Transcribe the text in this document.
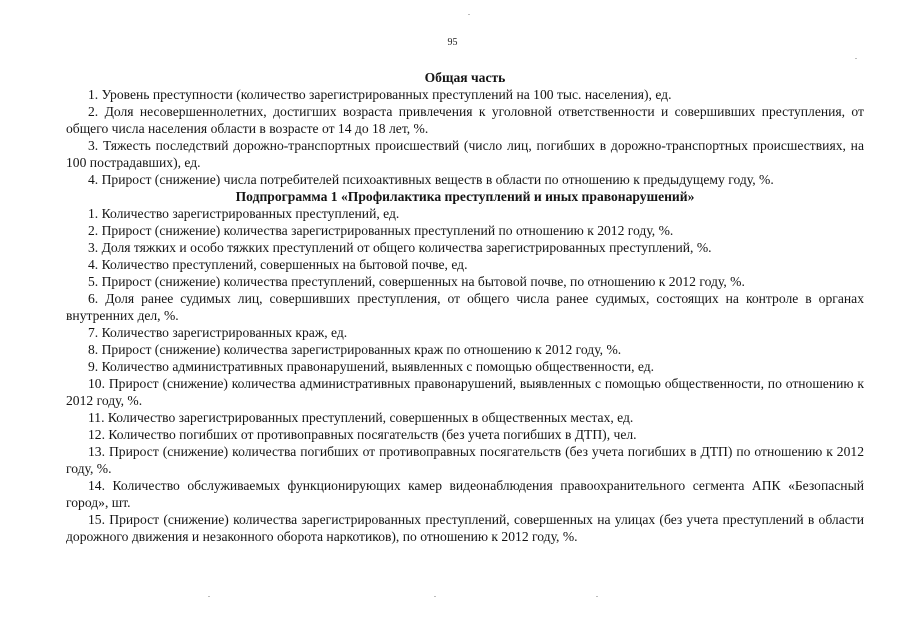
95

Общая часть

1. Уровень преступности (количество зарегистрированных преступлений на 100 тыс. населения), ед.

2. Доля несовершеннолетних, достигших возраста привлечения к уголовной ответственности и совершивших преступления, от общего числа населения области в возрасте от 14 до 18 лет, %.

3. Тяжесть последствий дорожно-транспортных происшествий (число лиц, погибших в дорожно-транспортных происшествиях, на 100 пострадавших), ед.

4. Прирост (снижение) числа потребителей психоактивных веществ в области по отношению к предыдущему году, %.

Подпрограмма 1 «Профилактика преступлений и иных правонарушений»

1. Количество зарегистрированных преступлений, ед.

2. Прирост (снижение) количества зарегистрированных преступлений по отношению к 2012 году, %.

3. Доля тяжких и особо тяжких преступлений от общего количества зарегистрированных преступлений, %.

4. Количество преступлений, совершенных на бытовой почве, ед.

5. Прирост (снижение) количества преступлений, совершенных на бытовой почве, по отношению к 2012 году, %.

6. Доля ранее судимых лиц, совершивших преступления, от общего числа ранее судимых, состоящих на контроле в органах внутренних дел, %.

7. Количество зарегистрированных краж, ед.

8. Прирост (снижение) количества зарегистрированных краж по отношению к 2012 году, %.

9. Количество административных правонарушений, выявленных с помощью общественности, ед.

10. Прирост (снижение) количества административных правонарушений, выявленных с помощью общественности, по отношению к 2012 году, %.

11. Количество зарегистрированных преступлений, совершенных в общественных местах, ед.

12. Количество погибших от противоправных посягательств (без учета погибших в ДТП), чел.

13. Прирост (снижение) количества погибших от противоправных посягательств (без учета погибших в ДТП) по отношению к 2012 году, %.

14. Количество обслуживаемых функционирующих камер видеонаблюдения правоохранительного сегмента АПК «Безопасный город», шт.

15. Прирост (снижение) количества зарегистрированных преступлений, совершенных на улицах (без учета преступлений в области дорожного движения и незаконного оборота наркотиков), по отношению к 2012 году, %.
